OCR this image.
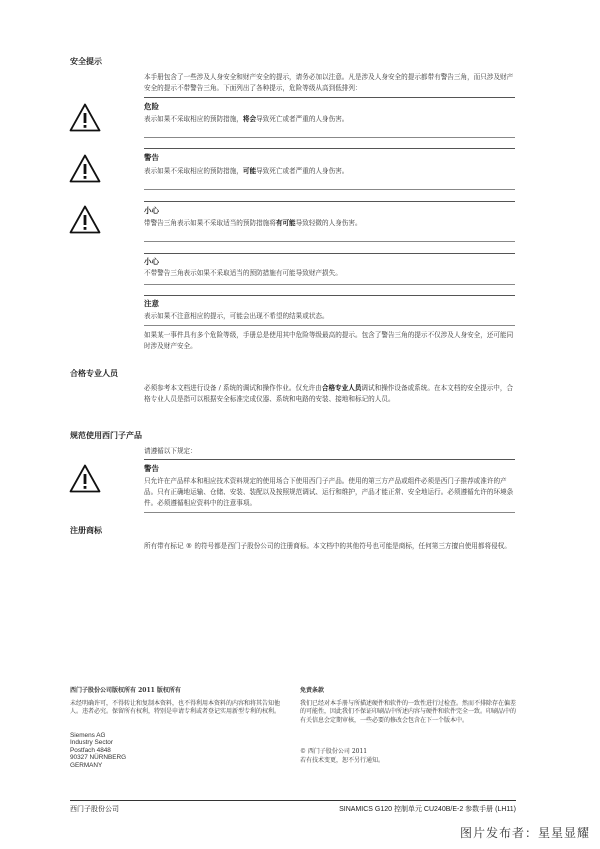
安全提示
本手册包含了一些涉及人身安全和财产安全的提示，请务必加以注意。凡是涉及人身安全的提示都带有警告三角，而只涉及财产安全的提示不带警告三角。下面列出了各种提示，危险等级从高到低排列：
危险
表示如果不采取相应的预防措施，将会导致死亡或者严重的人身伤害。
警告
表示如果不采取相应的预防措施，可能导致死亡或者严重的人身伤害。
小心
带警告三角表示如果不采取适当的预防措施将有可能导致轻微的人身伤害。
小心
不带警告三角表示如果不采取适当的预防措施有可能导致财产损失。
注意
表示如果不注意相应的提示，可能会出现不希望的结果或状态。
如果某一事件具有多个危险等级，手册总是使用其中危险等级最高的提示。包含了警告三角的提示不仅涉及人身安全，还可能同时涉及财产安全。
合格专业人员
必须参考本文档进行设备 / 系统的调试和操作作业。仅允许由合格专业人员调试和操作设备或系统。在本文档的安全提示中，合格专业人员是指可以根据安全标准完成仪器、系统和电路的安装、接地和标记的人员。
规范使用西门子产品
请遵循以下规定：
警告
只允许在产品样本和相应技术资料规定的使用场合下使用西门子产品。使用的第三方产品或组件必须是西门子推荐或准许的产品。只有正确地运输、仓储、安装、装配以及按照规范调试、运行和维护，产品才能正常、安全地运行。必须遵循允许的环境条件。必须遵循相应资料中的注意事项。
注册商标
所有带有标记 ® 的符号都是西门子股份公司的注册商标。本文档中的其他符号也可能是商标，任何第三方擅自使用都将侵权。
西门子股份公司版权所有 2011 版权所有
未经明确许可，不得转让和复制本资料，也不得利用本资料的内容和将其告知他人。违者必究。保留所有权利，特别是申请专利或者登记实用新型专利的权利。
Siemens AG
Industry Sector
Postfach 4848
90327 NÜRNBERG
GERMANY
免责条款
我们已经对本手册与所描述硬件和软件的一致性进行过检查。然而不排除存在偏差的可能性，因此我们不保证印刷品中所述内容与硬件和软件完全一致。印刷品中的有关信息会定期审核，一些必要的修改会包含在下一个版本中。
© 西门子股份公司 2011
若有技术变更，恕不另行通知。
西门子股份公司	SINAMICS G120 控制单元 CU240B/E-2 参数手册 (LH11)
图片发布者：星星显耀
